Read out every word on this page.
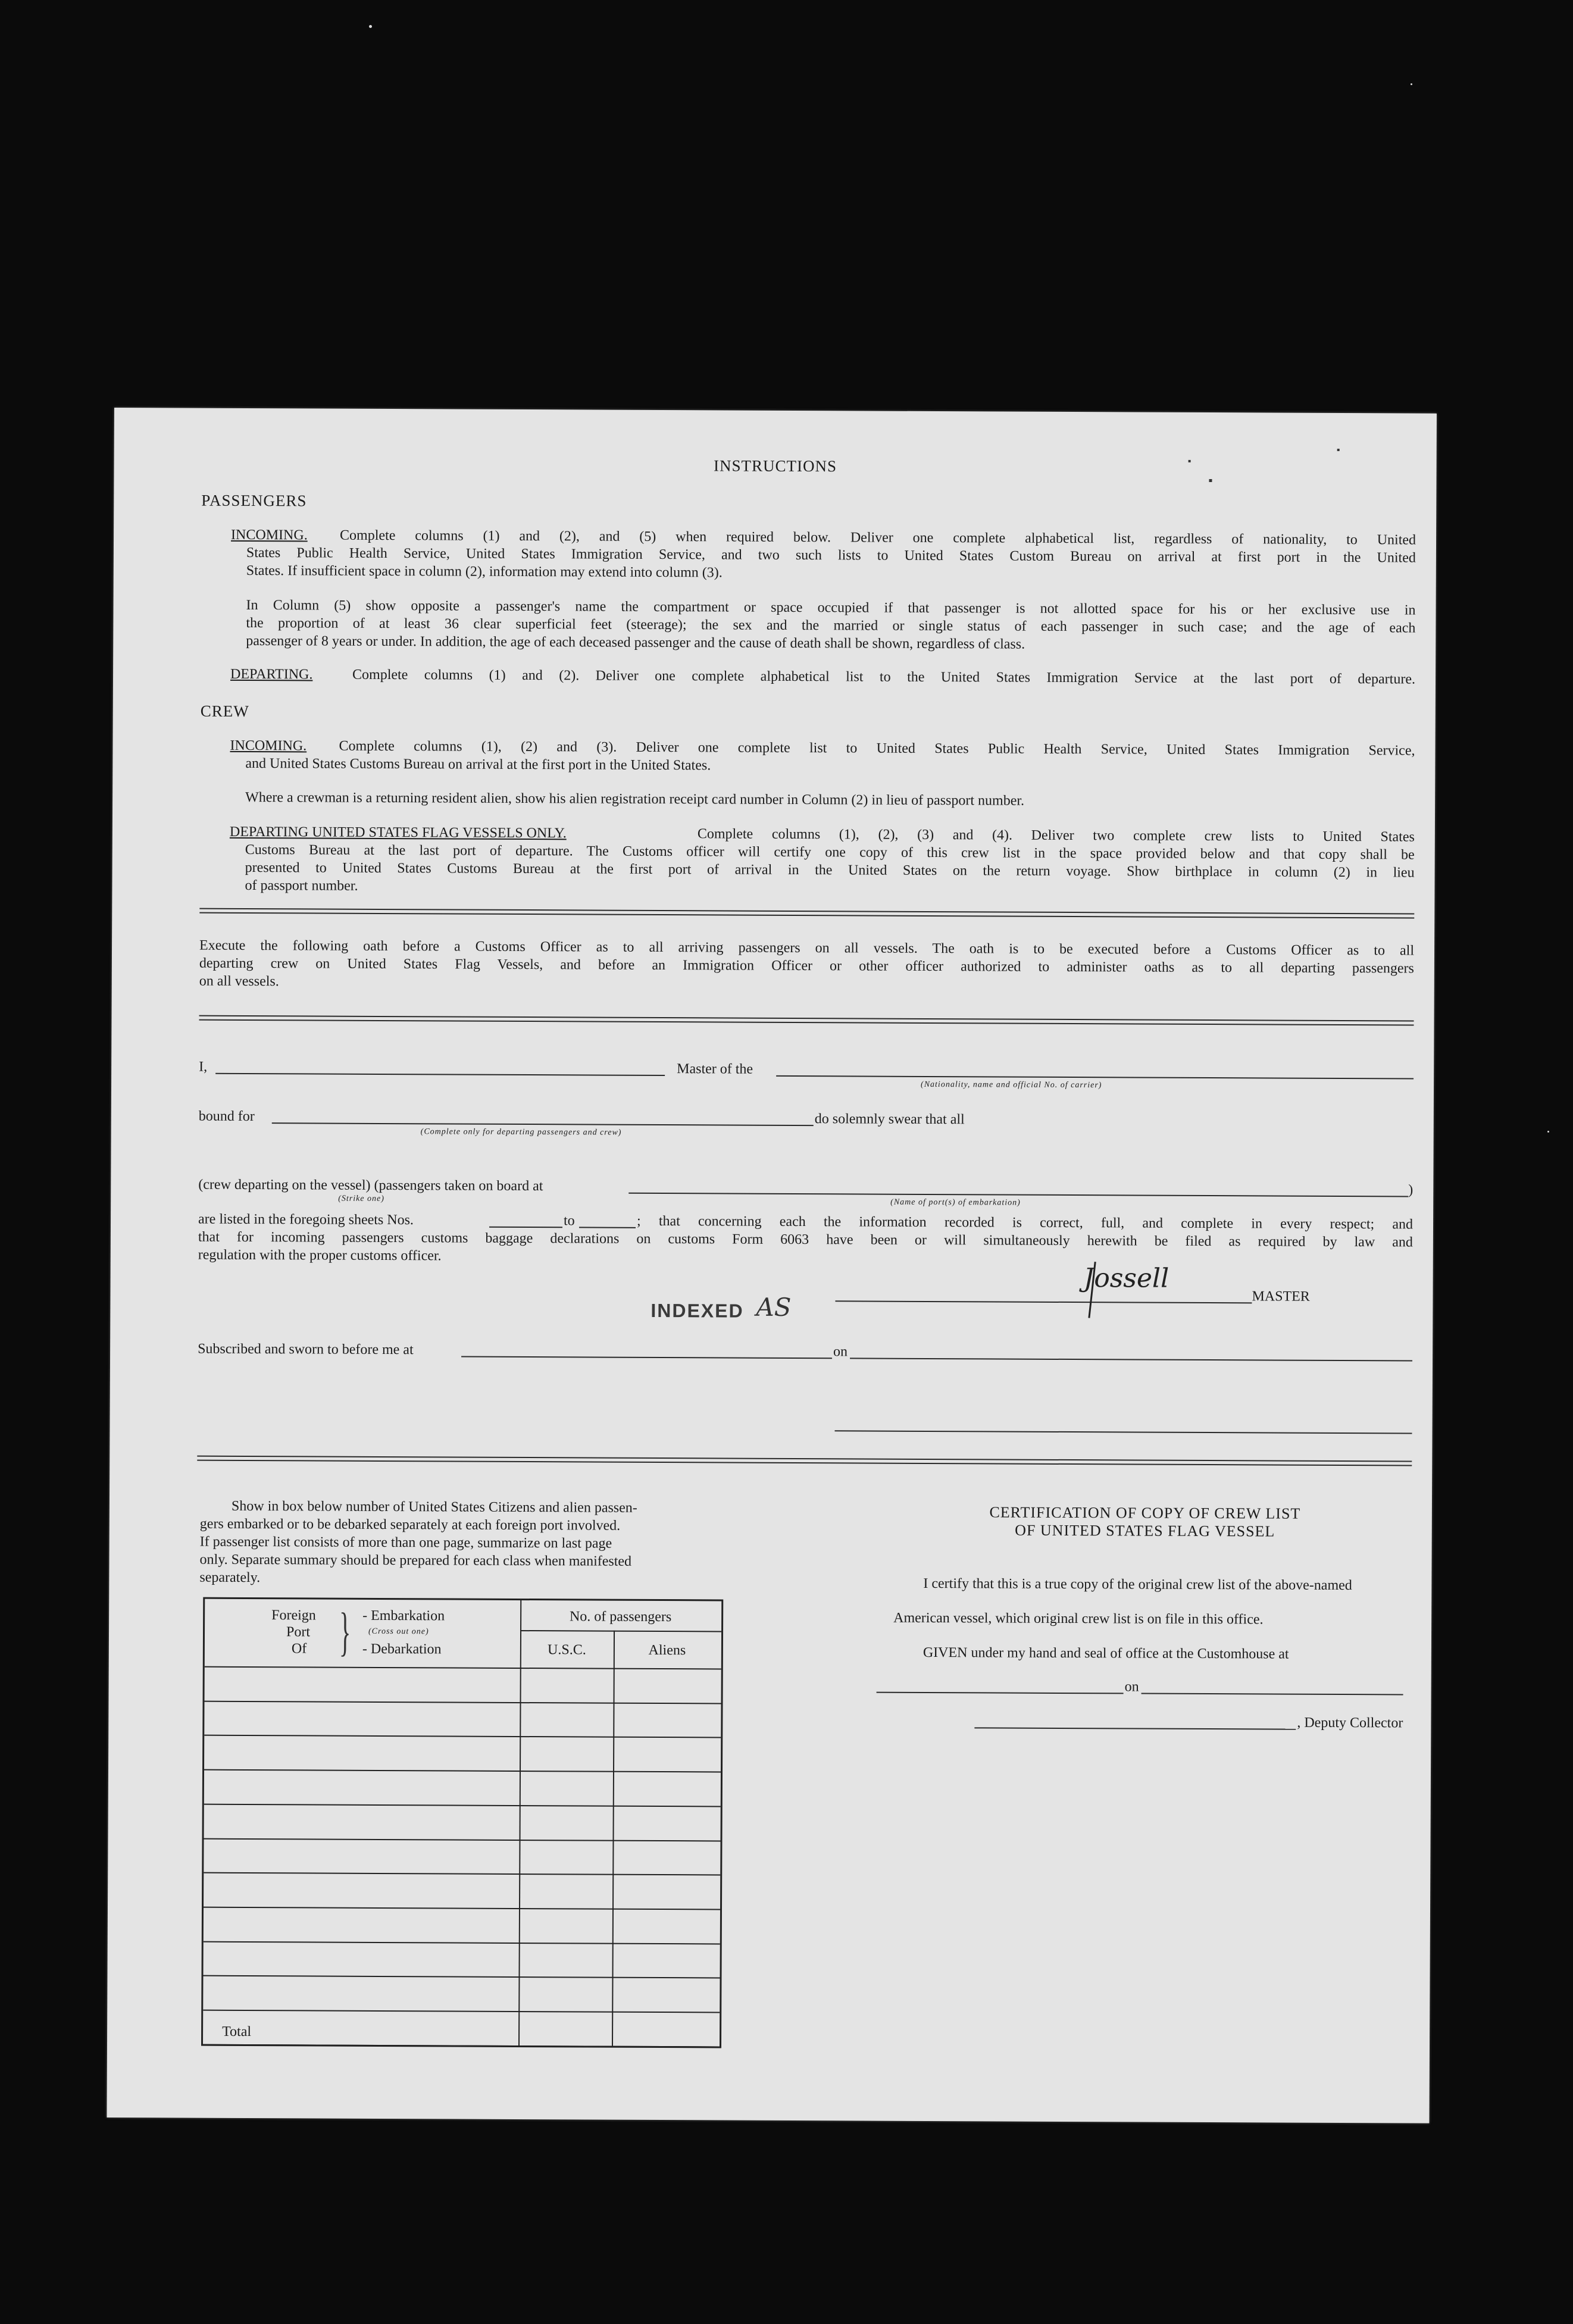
INSTRUCTIONS
PASSENGERS
INCOMING. Complete columns (1) and (2), and (5) when required below. Deliver one complete alphabetical list, regardless of nationality, to United
States Public Health Service, United States Immigration Service, and two such lists to United States Custom Bureau on arrival at first port in the United
States. If insufficient space in column (2), information may extend into column (3).
In Column (5) show opposite a passenger's name the compartment or space occupied if that passenger is not allotted space for his or her exclusive use in
the proportion of at least 36 clear superficial feet (steerage); the sex and the married or single status of each passenger in such case; and the age of each
passenger of 8 years or under. In addition, the age of each deceased passenger and the cause of death shall be shown, regardless of class.
DEPARTING.	Complete columns (1) and (2). Deliver one complete alphabetical list to the United States Immigration Service at the last port of departure.
CREW
INCOMING. Complete columns (1), (2) and (3). Deliver one complete list to United States Public Health Service, United States Immigration Service,
and United States Customs Bureau on arrival at the first port in the United States.
Where a crewman is a returning resident alien, show his alien registration receipt card number in Column (2) in lieu of passport number.
DEPARTING UNITED STATES FLAG VESSELS ONLY.	Complete columns (1), (2), (3) and (4). Deliver two complete crew lists to United States
Customs Bureau at the last port of departure. The Customs officer will certify one copy of this crew list in the space provided below and that copy shall be
presented to United States Customs Bureau at the first port of arrival in the United States on the return voyage. Show birthplace in column (2) in lieu
of passport number.
Execute the following oath before a Customs Officer as to all arriving passengers on all vessels. The oath is to be executed before a Customs Officer as to all
departing crew on United States Flag Vessels, and before an Immigration Officer or other officer authorized to administer oaths as to all departing passengers
on all vessels.
I,	Master of the
(Nationality, name and official No. of carrier)
bound for	do solemnly swear that all
(Complete only for departing passengers and crew)
(crew departing on the vessel) (passengers taken on board at	)
(Strike one)	(Name of port(s) of embarkation)
are listed in the foregoing sheets Nos.	to	; that concerning each the information recorded is correct, full, and complete in every respect; and
that for incoming passengers customs baggage declarations on customs Form 6063 have been or will simultaneously herewith be filed as required by law and
regulation with the proper customs officer.
Jossell
MASTER
INDEXED AS
Subscribed and sworn to before me at	on
Show in box below number of United States Citizens and alien passen-
gers embarked or to be debarked separately at each foreign port involved.
If passenger list consists of more than one page, summarize on last page
only. Separate summary should be prepared for each class when manifested
separately.
Foreign
Port
Of } - Embarkation
(Cross out one)
- Debarkation
No. of passengers
U.S.C.	Aliens
Total
CERTIFICATION OF COPY OF CREW LIST
OF UNITED STATES FLAG VESSEL
I certify that this is a true copy of the original crew list of the above-named
American vessel, which original crew list is on file in this office.
GIVEN under my hand and seal of office at the Customhouse at
on
, Deputy Collector
